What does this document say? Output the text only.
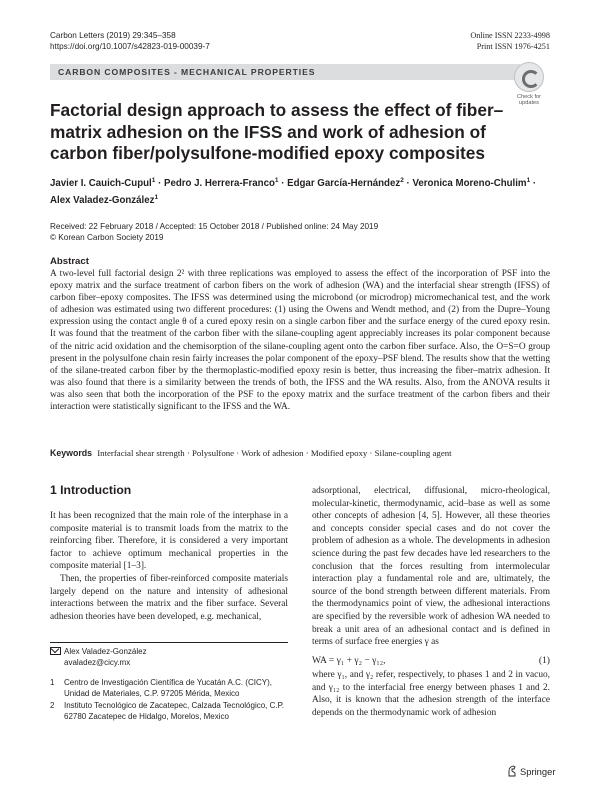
Carbon Letters (2019) 29:345–358
https://doi.org/10.1007/s42823-019-00039-7
Online ISSN 2233-4998
Print ISSN 1976-4251
CARBON COMPOSITES - MECHANICAL PROPERTIES
Check for updates
Factorial design approach to assess the effect of fiber–matrix adhesion on the IFSS and work of adhesion of carbon fiber/polysulfone-modified epoxy composites
Javier I. Cauich-Cupul$^1$ · Pedro J. Herrera-Franco$^1$ · Edgar García-Hernández$^2$ · Veronica Moreno-Chulim$^1$ ·
Alex Valadez-González$^1$
Received: 22 February 2018 / Accepted: 15 October 2018 / Published online: 24 May 2019
© Korean Carbon Society 2019
Abstract
A two-level full factorial design 2² with three replications was employed to assess the effect of the incorporation of PSF into the epoxy matrix and the surface treatment of carbon fibers on the work of adhesion (WA) and the interfacial shear strength (IFSS) of carbon fiber–epoxy composites. The IFSS was determined using the microbond (or microdrop) micromechanical test, and the work of adhesion was estimated using two different procedures: (1) using the Owens and Wendt method, and (2) from the Dupre–Young expression using the contact angle θ of a cured epoxy resin on a single carbon fiber and the surface energy of the cured epoxy resin. It was found that the treatment of the carbon fiber with the silane-coupling agent appreciably increases its polar component because of the nitric acid oxidation and the chemisorption of the silane-coupling agent onto the carbon fiber surface. Also, the O=S=O group present in the polysulfone chain resin fairly increases the polar component of the epoxy–PSF blend. The results show that the wetting of the silane-treated carbon fiber by the thermoplastic-modified epoxy resin is better, thus increasing the fiber–matrix adhesion. It was also found that there is a similarity between the trends of both, the IFSS and the WA results. Also, from the ANOVA results it was also seen that both the incorporation of the PSF to the epoxy matrix and the surface treatment of the carbon fibers and their interaction were statistically significant to the IFSS and the WA.
Keywords Interfacial shear strength · Polysulfone · Work of adhesion · Modified epoxy · Silane-coupling agent
1 Introduction

It has been recognized that the main role of the interphase in a composite material is to transmit loads from the matrix to the reinforcing fiber. Therefore, it is considered a very important factor to achieve optimum mechanical properties in the composite material [1–3].

Then, the properties of fiber-reinforced composite materials largely depend on the nature and intensity of adhesional interactions between the matrix and the fiber surface. Several adhesion theories have been developed, e.g. mechanical,

Alex Valadez-González
avaladez@cicy.mx
1 Centro de Investigación Científica de Yucatán A.C. (CICY), Unidad de Materiales, C.P. 97205 Mérida, Mexico
2 Instituto Tecnológico de Zacatepec, Calzada Tecnológico, C.P. 62780 Zacatepec de Hidalgo, Morelos, Mexico

adsorptional, electrical, diffusional, micro-rheological, molecular-kinetic, thermodynamic, acid–base as well as some other concepts of adhesion [4, 5]. However, all these theories and concepts consider special cases and do not cover the problem of adhesion as a whole. The developments in adhesion science during the past few decades have led researchers to the conclusion that the forces resulting from intermolecular interaction play a fundamental role and are, ultimately, the source of the bond strength between different materials. From the thermodynamics point of view, the adhesional interactions are specified by the reversible work of adhesion WA needed to break a unit area of an adhesional contact and is defined in terms of surface free energies γ as

WA = γ₁ + γ₂ − γ₁₂,	(1)

where γ₁, and γ₂ refer, respectively, to phases 1 and 2 in vacuo, and γ₁₂ to the interfacial free energy between phases 1 and 2. Also, it is known that the adhesion strength of the interface depends on the thermodynamic work of adhesion

Springer
